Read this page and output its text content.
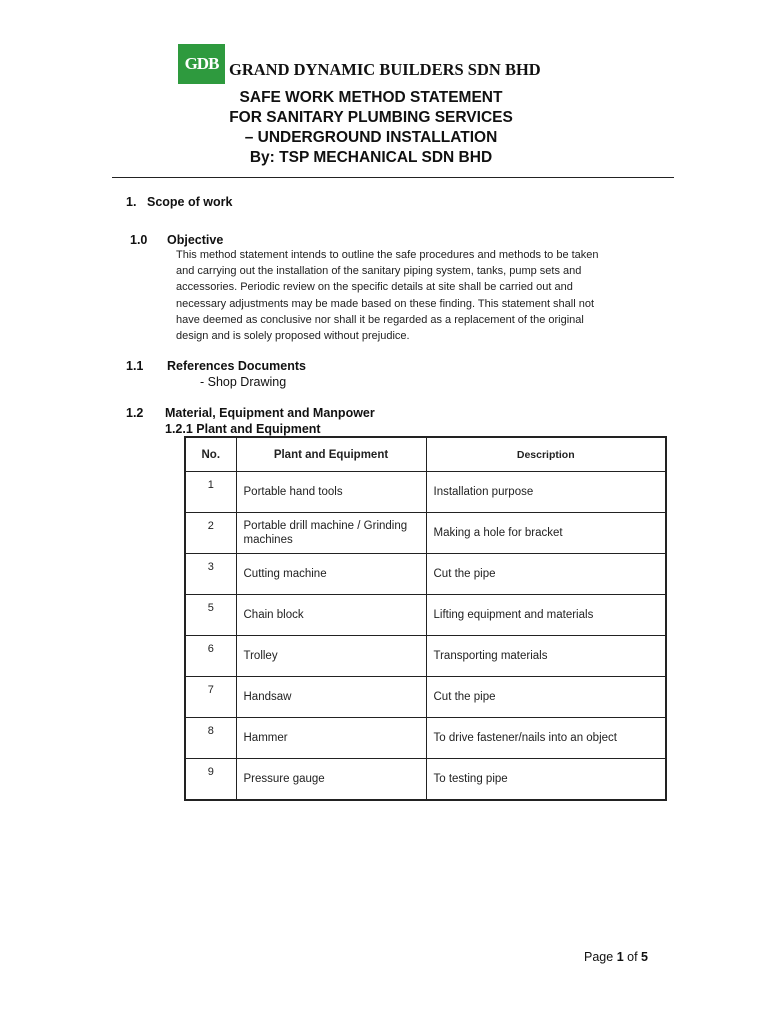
GDB GRAND DYNAMIC BUILDERS SDN BHD
SAFE WORK METHOD STATEMENT
FOR SANITARY PLUMBING SERVICES
– UNDERGROUND INSTALLATION
By: TSP MECHANICAL SDN BHD
1. Scope of work
1.0 Objective
This method statement intends to outline the safe procedures and methods to be taken
and carrying out the installation of the sanitary piping system, tanks, pump sets and
accessories. Periodic review on the specific details at site shall be carried out and
necessary adjustments may be made based on these finding. This statement shall not
have deemed as conclusive nor shall it be regarded as a replacement of the original
design and is solely proposed without prejudice.
1.1 References Documents
- Shop Drawing
1.2 Material, Equipment and Manpower
1.2.1 Plant and Equipment
No.	Plant and Equipment	Description
1	Portable hand tools	Installation purpose
2	Portable drill machine / Grinding machines	Making a hole for bracket
3	Cutting machine	Cut the pipe
5	Chain block	Lifting equipment and materials
6	Trolley	Transporting materials
7	Handsaw	Cut the pipe
8	Hammer	To drive fastener/nails into an object
9	Pressure gauge	To testing pipe
Page 1 of 5
